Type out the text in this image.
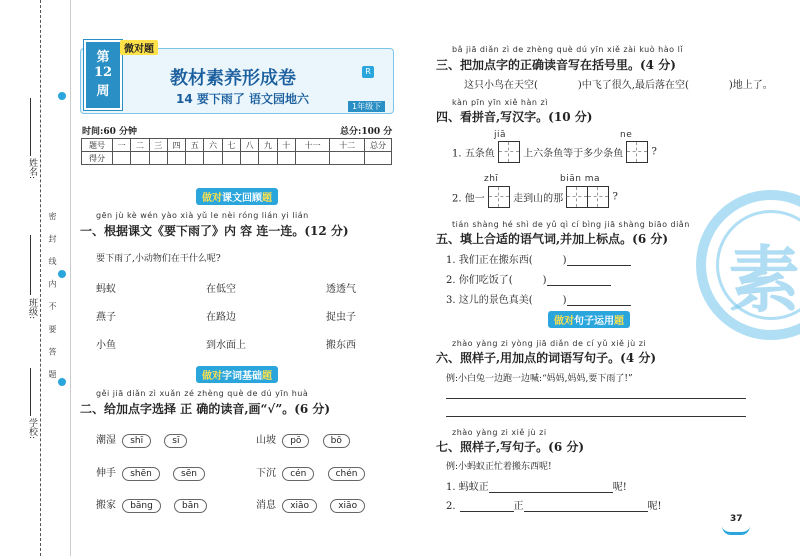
姓名:
班级:
学校:
密 封 线 内 不 要 答 题
第
12
周
微对题
教材素养形成卷	R
14 要下雨了 语文园地六
1年级下
时间:60 分钟	总分:100 分
题号	一	二	三	四	五	六	七	八	九	十	十一	十二	总分
得分													
做对课文回顾题
gēn jù kè wén yào xià yǔ le nèi róng lián yi lián
一、根据课文《要下雨了》内 容 连一连。(12 分)
要下雨了,小动物们在干什么呢?
蚂蚁
燕子
小鱼
在低空
在路边
到水面上
透透气
捉虫子
搬东西
做对字词基础题
gěi jiā diǎn zì xuǎn zé zhèng què de dú yīn huà
二、给加点字选择 正 确的读音,画“√”。(6 分)
潮湿 shī	sī
伸手 shēn	sēn
搬家 bāng	bān
山坡 pō	bō
下沉 cén	chén
消息 xiāo	xiāo
素
bǎ jiā diǎn zì de zhèng què dú yīn xiě zài kuò hào lǐ
三、把加点字的正确读音写在括号里。(4 分)
这只小鸟在天空(	)中飞了很久,最后落在空(	)地上了。
kàn pīn yīn xiě hàn zì
四、看拼音,写汉字。(10 分)
jiā	ne
1. 五条鱼	上六条鱼等于多少条鱼	?
zhī	biān ma
2. 他一	走到山的那	?
tián shàng hé shì de yǔ qì cí bìng jiā shàng biāo diǎn
五、填上合适的语气词,并加上标点。(6 分)
1. 我们正在搬东西(	)
2. 你们吃饭了(	)
3. 这儿的景色真美(	)
做对句子运用题
zhào yàng zi yòng jiā diǎn de cí yǔ xiě jù zi
六、照样子,用加点的词语写句子。(4 分)
例:小白兔一边跑一边喊:“妈妈,妈妈,要下雨了!”
zhào yàng zi xiě jù zi
七、照样子,写句子。(6 分)
例:小蚂蚁正忙着搬东西呢!
1. 蚂蚁正	呢!
2.	正	呢!
37
